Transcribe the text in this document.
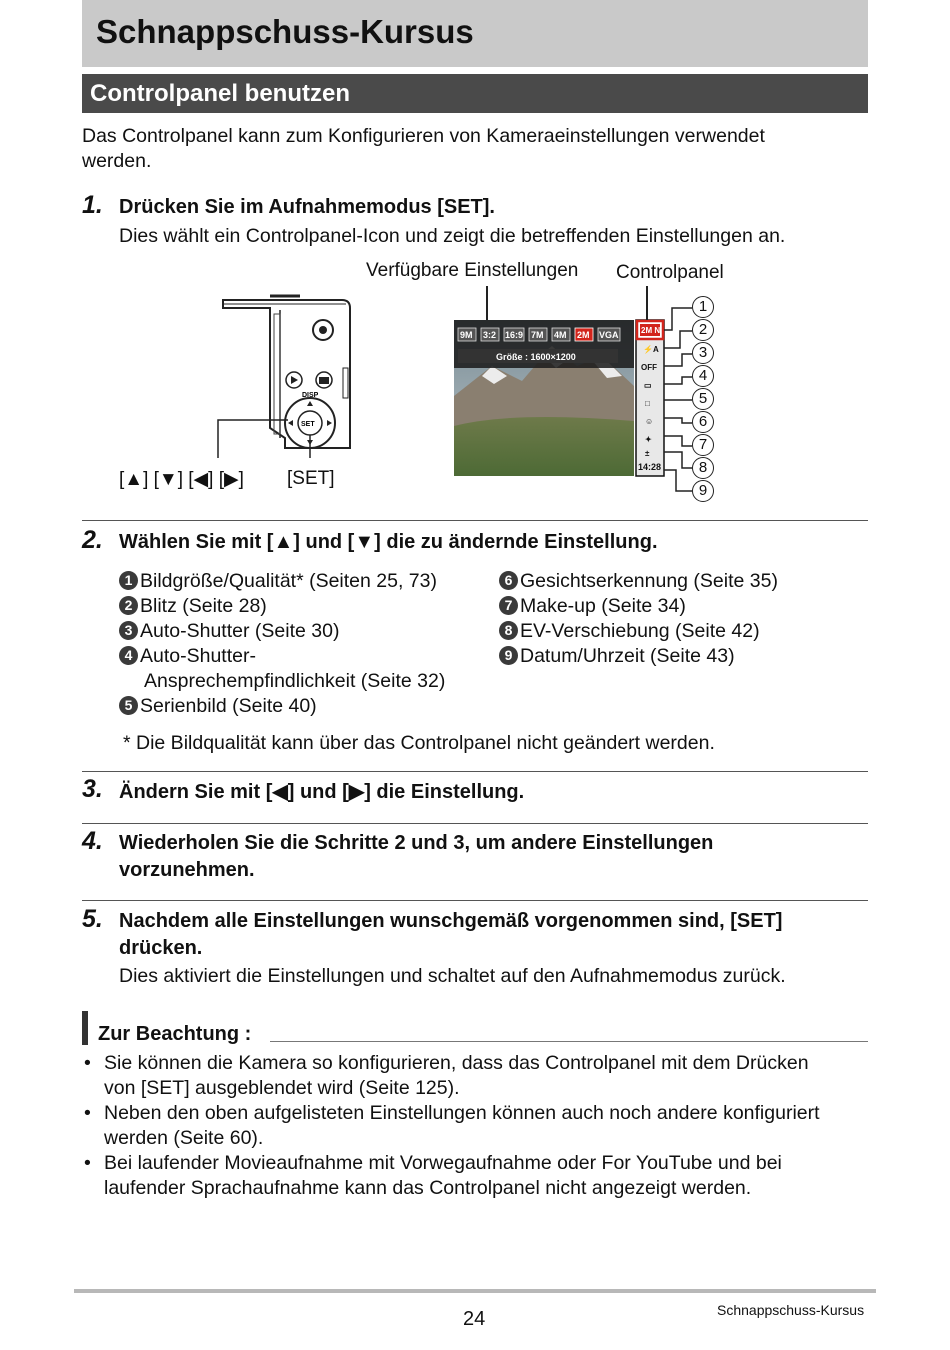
Schnappschuss-Kursus
Controlpanel benutzen
Das Controlpanel kann zum Konfigurieren von Kameraeinstellungen verwendet
werden.
1. Drücken Sie im Aufnahmemodus [SET].
Dies wählt ein Controlpanel-Icon und zeigt die betreffenden Einstellungen an.
Verfügbare Einstellungen Controlpanel
DISP
SET
[▲] [▼] [◀] [▶] [SET]
9M 3:2 16:9 7M 4M 2M VGA
Größe : 1600×1200
2M N
⚡A
OFF
▭
□
☺
✦
±
14:28
1
2
3
4
5
6
7
8
9
2. Wählen Sie mit [▲] und [▼] die zu ändernde Einstellung.
1 Bildgröße/Qualität* (Seiten 25, 73)
2 Blitz (Seite 28)
3 Auto-Shutter (Seite 30)
4 Auto-Shutter-
Ansprechempfindlichkeit (Seite 32)
5 Serienbild (Seite 40)
6 Gesichtserkennung (Seite 35)
7 Make-up (Seite 34)
8 EV-Verschiebung (Seite 42)
9 Datum/Uhrzeit (Seite 43)
* Die Bildqualität kann über das Controlpanel nicht geändert werden.
3. Ändern Sie mit [◀] und [▶] die Einstellung.
4. Wiederholen Sie die Schritte 2 und 3, um andere Einstellungen
vorzunehmen.
5. Nachdem alle Einstellungen wunschgemäß vorgenommen sind, [SET]
drücken.
Dies aktiviert die Einstellungen und schaltet auf den Aufnahmemodus zurück.
Zur Beachtung :
• Sie können die Kamera so konfigurieren, dass das Controlpanel mit dem Drücken
von [SET] ausgeblendet wird (Seite 125).
• Neben den oben aufgelisteten Einstellungen können auch noch andere konfiguriert
werden (Seite 60).
• Bei laufender Movieaufnahme mit Vorwegaufnahme oder For YouTube und bei
laufender Sprachaufnahme kann das Controlpanel nicht angezeigt werden.
24	Schnappschuss-Kursus
